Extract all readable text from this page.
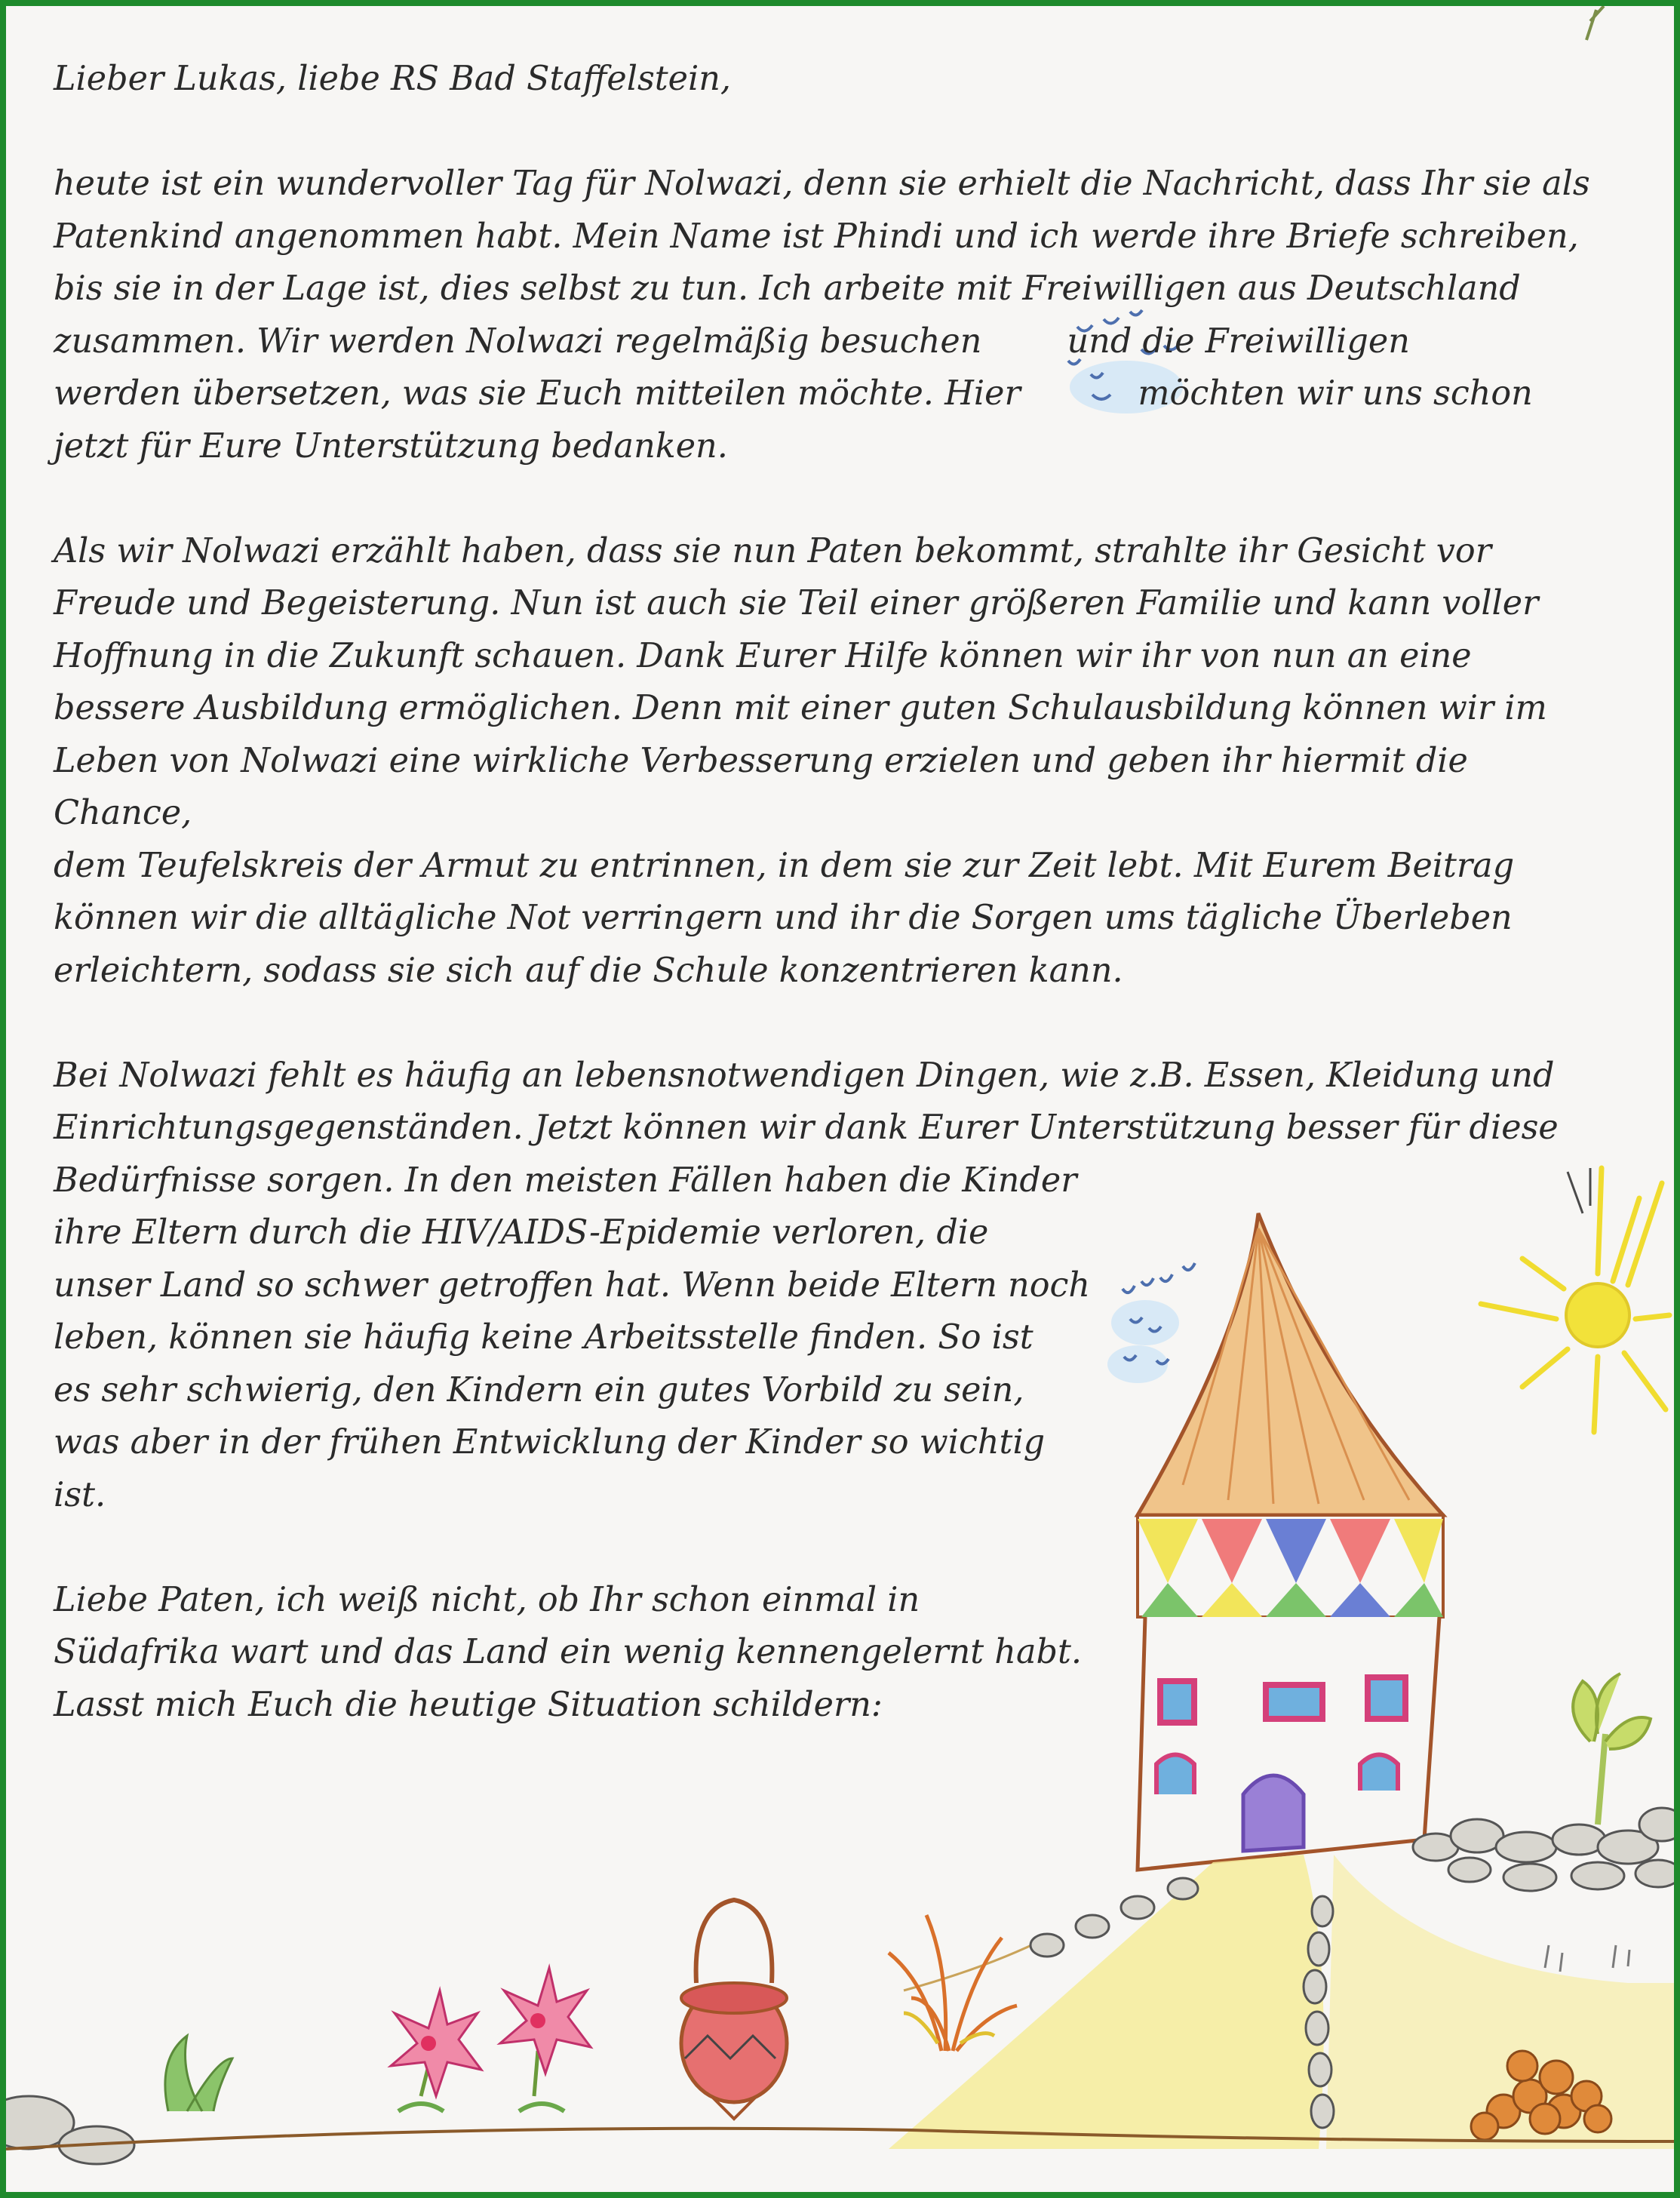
Lieber Lukas, liebe RS Bad Staffelstein,

heute ist ein wundervoller Tag für Nolwazi, denn sie erhielt die Nachricht, dass Ihr sie als

Patenkind angenommen habt. Mein Name ist Phindi und ich werde ihre Briefe schreiben,

bis sie in der Lage ist, dies selbst zu tun. Ich arbeite mit Freiwilligen aus Deutschland

zusammen. Wir werden Nolwazi regelmäßig besuchen        und die Freiwilligen

werden übersetzen, was sie Euch mitteilen möchte. Hier           möchten wir uns schon

jetzt für Eure Unterstützung bedanken.

Als wir Nolwazi erzählt haben, dass sie nun Paten bekommt, strahlte ihr Gesicht vor

Freude und Begeisterung. Nun ist auch sie Teil einer größeren Familie und kann voller

Hoffnung in die Zukunft schauen. Dank Eurer Hilfe können wir ihr von nun an eine

bessere Ausbildung ermöglichen. Denn mit einer guten Schulausbildung können wir im

Leben von Nolwazi eine wirkliche Verbesserung erzielen und geben ihr hiermit die Chance,

dem Teufelskreis der Armut zu entrinnen, in dem sie zur Zeit lebt. Mit Eurem Beitrag

können wir die alltägliche Not verringern und ihr die Sorgen ums tägliche Überleben

erleichtern, sodass sie sich auf die Schule konzentrieren kann.

Bei Nolwazi fehlt es häufig an lebensnotwendigen Dingen, wie z.B. Essen, Kleidung und

Einrichtungsgegenständen. Jetzt können wir dank Eurer Unterstützung besser für diese

Bedürfnisse sorgen. In den meisten Fällen haben die Kinder

ihre Eltern durch die HIV/AIDS-Epidemie verloren, die

unser Land so schwer getroffen hat. Wenn beide Eltern noch

leben, können sie häufig keine Arbeitsstelle finden. So ist

es sehr schwierig, den Kindern ein gutes Vorbild zu sein,

was aber in der frühen Entwicklung der Kinder so wichtig

ist.

Liebe Paten, ich weiß nicht, ob Ihr schon einmal in

Südafrika wart und das Land ein wenig kennengelernt habt.

Lasst mich Euch die heutige Situation schildern:
